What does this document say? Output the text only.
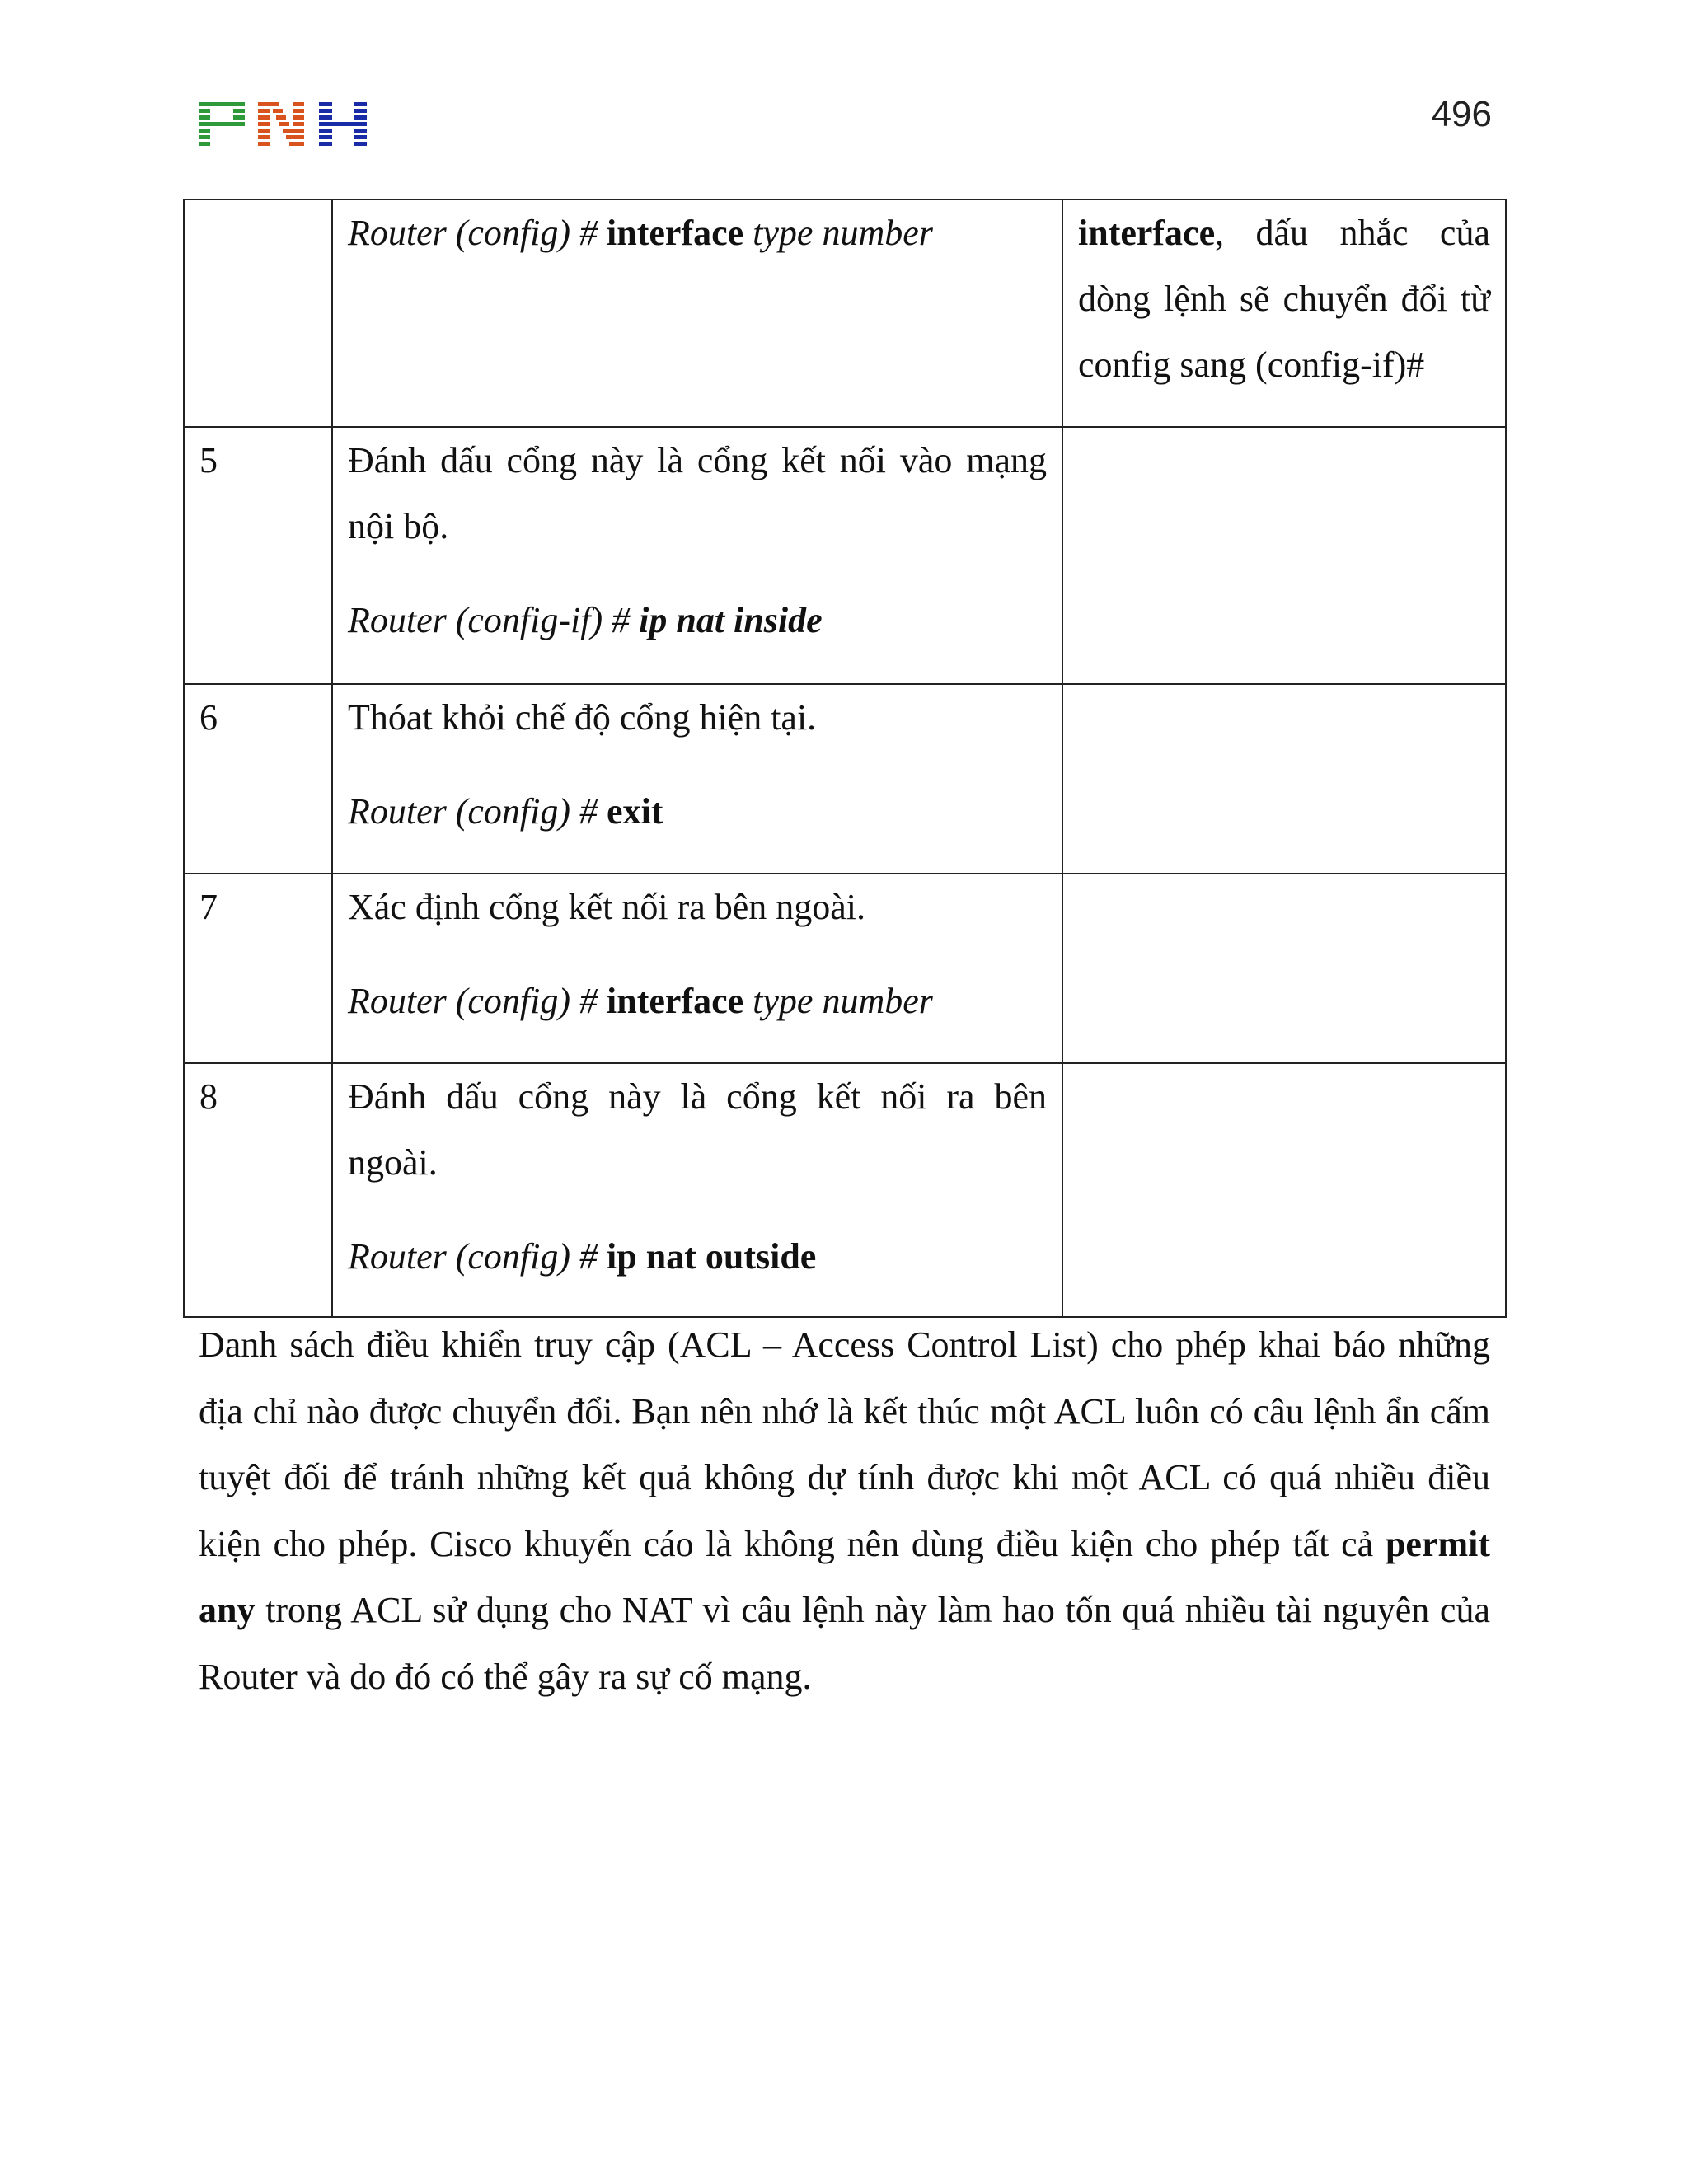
496

	Router (config) # interface type number	interface, dấu nhắc của dòng lệnh sẽ chuyển đổi từ config sang (config-if)#

5	Đánh dấu cổng này là cổng kết nối vào mạng nội bộ.

Router (config-if) # ip nat inside	

6	Thóat khỏi chế độ cổng hiện tại.

Router (config) # exit	

7	Xác định cổng kết nối ra bên ngoài.

Router (config) # interface type number	

8	Đánh dấu cổng này là cổng kết nối ra bên ngoài.

Router (config) # ip nat outside	

Danh sách điều khiển truy cập (ACL – Access Control List) cho phép khai báo những địa chỉ nào được chuyển đổi. Bạn nên nhớ là kết thúc một ACL luôn có câu lệnh ẩn cấm tuyệt đối để tránh những kết quả không dự tính được khi một ACL có quá nhiều điều kiện cho phép. Cisco khuyến cáo là không nên dùng điều kiện cho phép tất cả permit any trong ACL sử dụng cho NAT vì câu lệnh này làm hao tốn quá nhiều tài nguyên của Router và do đó có thể gây ra sự cố mạng.
